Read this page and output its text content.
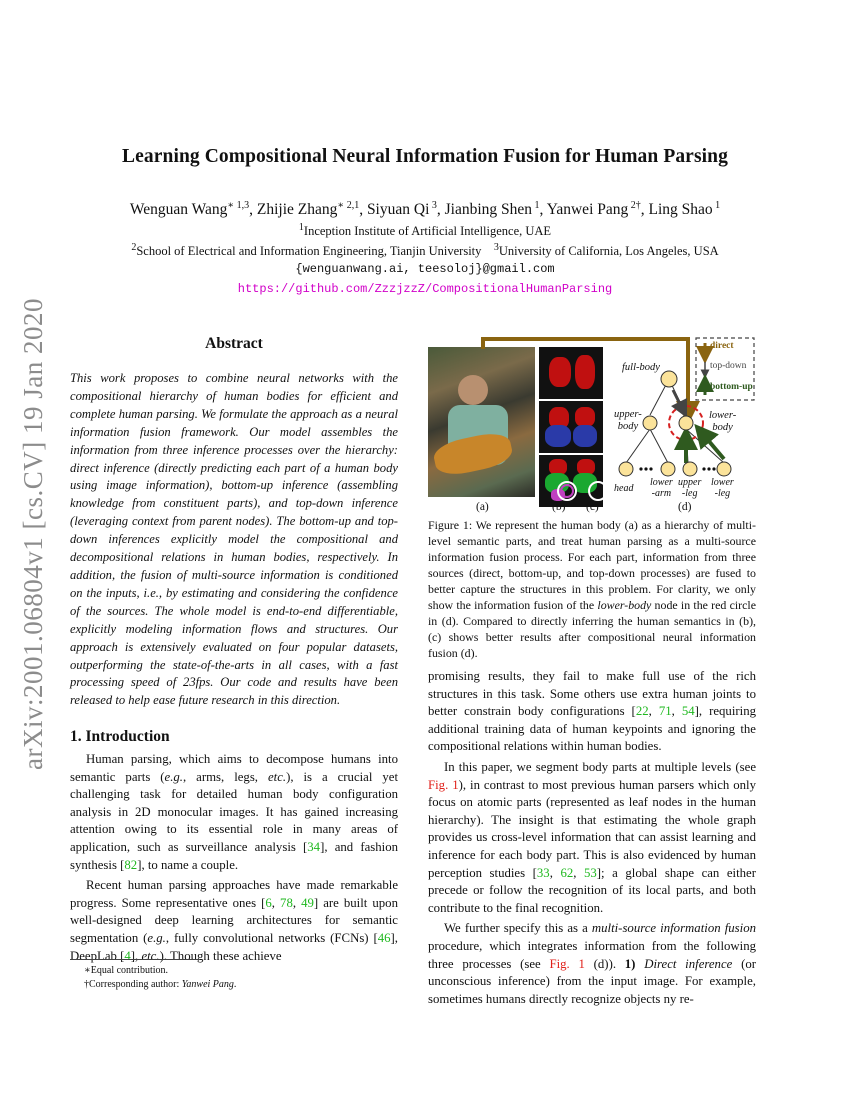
Learning Compositional Neural Information Fusion for Human Parsing
Wenguan Wang$^{∗ 1,3}$, Zhijie Zhang$^{∗ 2,1}$, Siyuan Qi $^3$, Jianbing Shen $^1$, Yanwei Pang $^{2\dagger}$, Ling Shao $^1$
$^1$Inception Institute of Artificial Intelligence, UAE
$^2$School of Electrical and Information Engineering, Tianjin University $^3$University of California, Los Angeles, USA
{wenguanwang.ai, teesoloj}@gmail.com
https://github.com/ZzzjzzZ/CompositionalHumanParsing
arXiv:2001.06804v1 [cs.CV] 19 Jan 2020	Abstract
This work proposes to combine neural networks with the compositional hierarchy of human bodies for efficient and complete human parsing. We formulate the approach as a neural information fusion framework. Our model assembles the information from three inference processes over the hierarchy: direct inference (directly predicting each part of a human body using image information), bottom-up inference (assembling knowledge from constituent parts), and top-down inference (leveraging context from parent nodes). The bottom-up and top-down inferences explicitly model the compositional and decompositional relations in human bodies, respectively. In addition, the fusion of multi-source information is conditioned on the inputs, i.e., by estimating and considering the confidence of the sources. The whole model is end-to-end differentiable, explicitly modeling information flows and structures. Our approach is extensively evaluated on four popular datasets, outperforming the state-of-the-arts in all cases, with a fast processing speed of 23fps. Our code and results have been released to help ease future research in this direction.
1. Introduction

Human parsing, which aims to decompose humans into semantic parts (e.g., arms, legs, etc.), is a crucial yet challenging task for detailed human body configuration analysis in 2D monocular images. It has gained increasing attention owing to its essential role in many areas of application, such as surveillance analysis [34], and fashion synthesis [82], to name a couple.

Recent human parsing approaches have made remarkable progress. Some representative ones [6, 78, 49] are built upon well-designed deep learning architectures for semantic segmentation (e.g., fully convolutional networks (FCNs) [46], DeepLab [4], etc.). Though these achieve

∗Equal contribution.
†Corresponding author: Yanwei Pang.
direct
top-down
bottom-up
full-body
upper-
body
lower-
body
head
lower
-arm
upper
-leg
lower
-leg
(a)	(b) (c)	(d)
Figure 1: We represent the human body (a) as a hierarchy of multi-level semantic parts, and treat human parsing as a multi-source information fusion process. For each part, information from three sources (direct, bottom-up, and top-down processes) are fused to better capture the structures in this problem. For clarity, we only show the information fusion of the lower-body node in the red circle in (d). Compared to directly inferring the human semantics in (b), (c) shows better results after compositional neural information fusion (d).

promising results, they fail to make full use of the rich structures in this task. Some others use extra human joints to better constrain body configurations [22, 71, 54], requiring additional training data of human keypoints and ignoring the compositional relations within human bodies.

In this paper, we segment body parts at multiple levels (see Fig. 1), in contrast to most previous human parsers which only focus on atomic parts (represented as leaf nodes in the human hierarchy). The insight is that estimating the whole graph provides us cross-level information that can assist learning and inference for each body part. This is also evidenced by human perception studies [33, 62, 53]; a global shape can either precede or follow the recognition of its local parts, and both contribute to the final recognition.

We further specify this as a multi-source information fusion procedure, which integrates information from the following three processes (see Fig. 1 (d)). 1) Direct inference (or unconscious inference) from the input image. For example, sometimes humans directly recognize objects ny re-
